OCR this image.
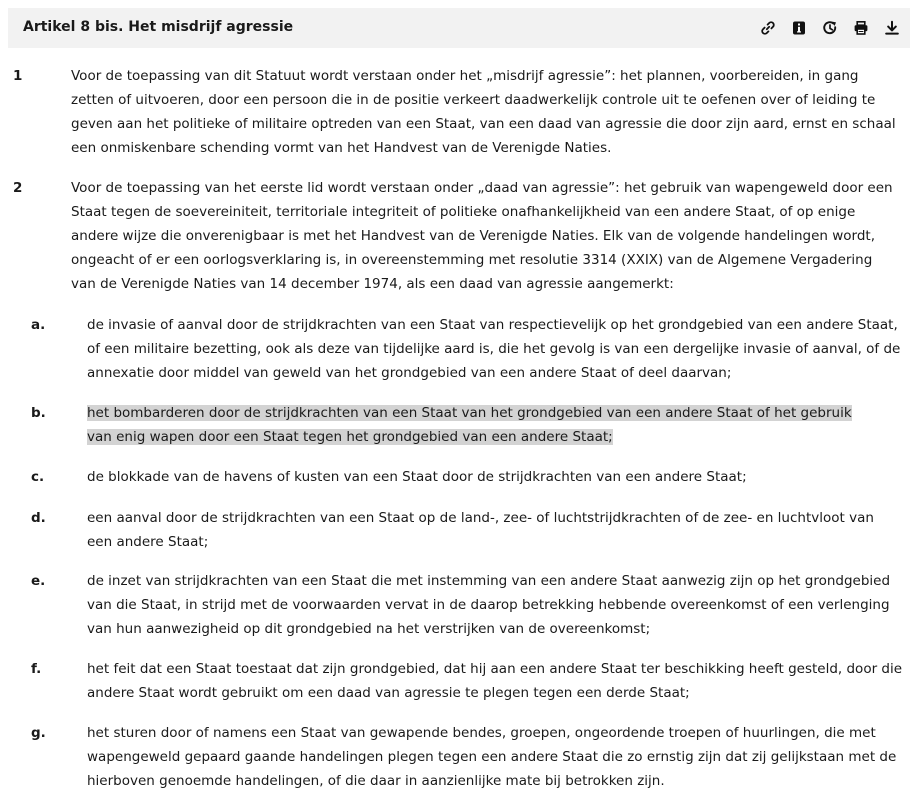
Artikel 8 bis. Het misdrijf agressie
1	Voor de toepassing van dit Statuut wordt verstaan onder het „misdrijf agressie”: het plannen, voorbereiden, in gang zetten of uitvoeren, door een persoon die in de positie verkeert daadwerkelijk controle uit te oefenen over of leiding te geven aan het politieke of militaire optreden van een Staat, van een daad van agressie die door zijn aard, ernst en schaal een onmiskenbare schending vormt van het Handvest van de Verenigde Naties.
2	Voor de toepassing van het eerste lid wordt verstaan onder „daad van agressie”: het gebruik van wapengeweld door een Staat tegen de soevereiniteit, territoriale integriteit of politieke onafhankelijkheid van een andere Staat, of op enige andere wijze die onverenigbaar is met het Handvest van de Verenigde Naties. Elk van de volgende handelingen wordt, ongeacht of er een oorlogsverklaring is, in overeenstemming met resolutie 3314 (XXIX) van de Algemene Vergadering van de Verenigde Naties van 14 december 1974, als een daad van agressie aangemerkt:
a.	de invasie of aanval door de strijdkrachten van een Staat van respectievelijk op het grondgebied van een andere Staat, of een militaire bezetting, ook als deze van tijdelijke aard is, die het gevolg is van een dergelijke invasie of aanval, of de annexatie door middel van geweld van het grondgebied van een andere Staat of deel daarvan;
b.	het bombarderen door de strijdkrachten van een Staat van het grondgebied van een andere Staat of het gebruik van enig wapen door een Staat tegen het grondgebied van een andere Staat;
c.	de blokkade van de havens of kusten van een Staat door de strijdkrachten van een andere Staat;
d.	een aanval door de strijdkrachten van een Staat op de land-, zee- of luchtstrijdkrachten of de zee- en luchtvloot van een andere Staat;
e.	de inzet van strijdkrachten van een Staat die met instemming van een andere Staat aanwezig zijn op het grondgebied van die Staat, in strijd met de voorwaarden vervat in de daarop betrekking hebbende overeenkomst of een verlenging van hun aanwezigheid op dit grondgebied na het verstrijken van de overeenkomst;
f.	het feit dat een Staat toestaat dat zijn grondgebied, dat hij aan een andere Staat ter beschikking heeft gesteld, door die andere Staat wordt gebruikt om een daad van agressie te plegen tegen een derde Staat;
g.	het sturen door of namens een Staat van gewapende bendes, groepen, ongeordende troepen of huurlingen, die met wapengeweld gepaard gaande handelingen plegen tegen een andere Staat die zo ernstig zijn dat zij gelijkstaan met de hierboven genoemde handelingen, of die daar in aanzienlijke mate bij betrokken zijn.
